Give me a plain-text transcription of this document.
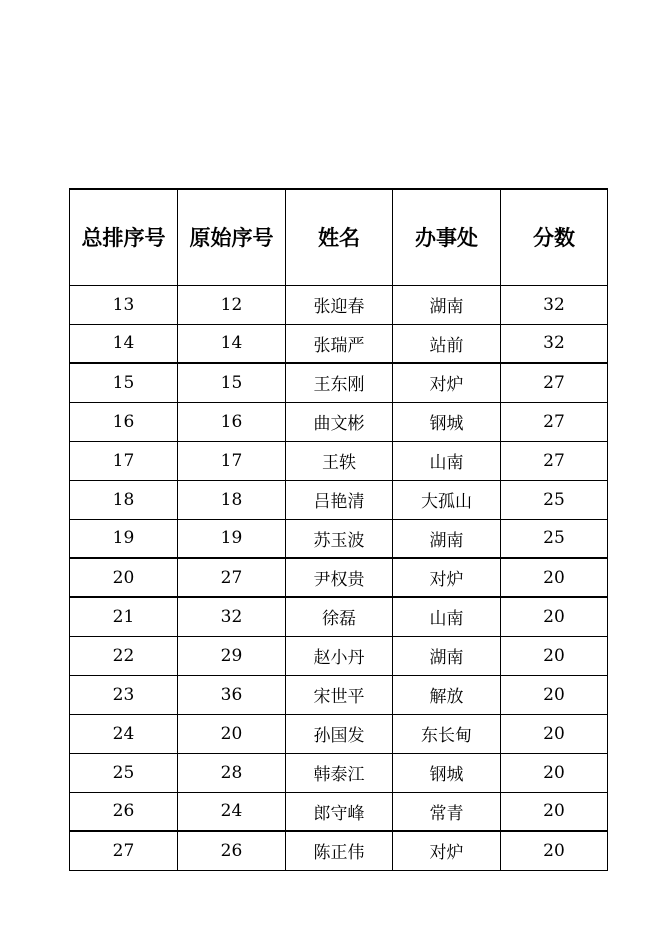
总排序号	原始序号	姓名	办事处	分数
13	12	张迎春	湖南	32
14	14	张瑞严	站前	32
15	15	王东刚	对炉	27
16	16	曲文彬	钢城	27
17	17	王轶	山南	27
18	18	吕艳清	大孤山	25
19	19	苏玉波	湖南	25
20	27	尹权贵	对炉	20
21	32	徐磊	山南	20
22	29	赵小丹	湖南	20
23	36	宋世平	解放	20
24	20	孙国发	东长甸	20
25	28	韩泰江	钢城	20
26	24	郎守峰	常青	20
27	26	陈正伟	对炉	20
